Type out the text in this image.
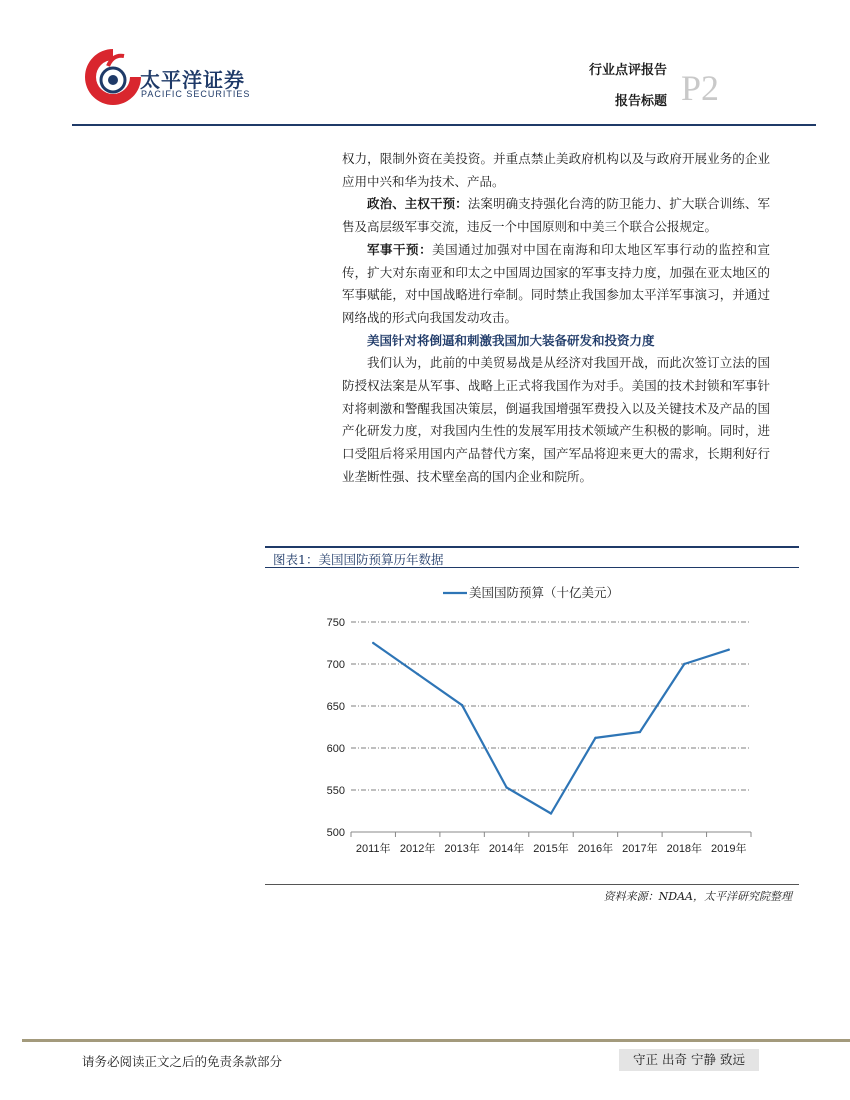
太平洋证券
PACIFIC SECURITIES
行业点评报告
报告标题 P2

权力，限制外资在美投资。并重点禁止美政府机构以及与政府开展业务的企业应用中兴和华为技术、产品。

政治、主权干预：法案明确支持强化台湾的防卫能力、扩大联合训练、军售及高层级军事交流，违反一个中国原则和中美三个联合公报规定。

军事干预：美国通过加强对中国在南海和印太地区军事行动的监控和宣传，扩大对东南亚和印太之中国周边国家的军事支持力度，加强在亚太地区的军事赋能，对中国战略进行牵制。同时禁止我国参加太平洋军事演习，并通过网络战的形式向我国发动攻击。

美国针对将倒逼和刺激我国加大装备研发和投资力度

我们认为，此前的中美贸易战是从经济对我国开战，而此次签订立法的国防授权法案是从军事、战略上正式将我国作为对手。美国的技术封锁和军事针对将刺激和警醒我国决策层，倒逼我国增强军费投入以及关键技术及产品的国产化研发力度，对我国内生性的发展军用技术领域产生积极的影响。同时，进口受阻后将采用国内产品替代方案，国产军品将迎来更大的需求，长期利好行业垄断性强、技术壁垒高的国内企业和院所。

图表1：美国国防预算历年数据
500
550
600
650
700
750
2011年 2012年 2013年 2014年 2015年 2016年 2017年 2018年 2019年
美国国防预算（十亿美元）
资料来源：NDAA，太平洋研究院整理
请务必阅读正文之后的免责条款部分	守正 出奇 宁静 致远
